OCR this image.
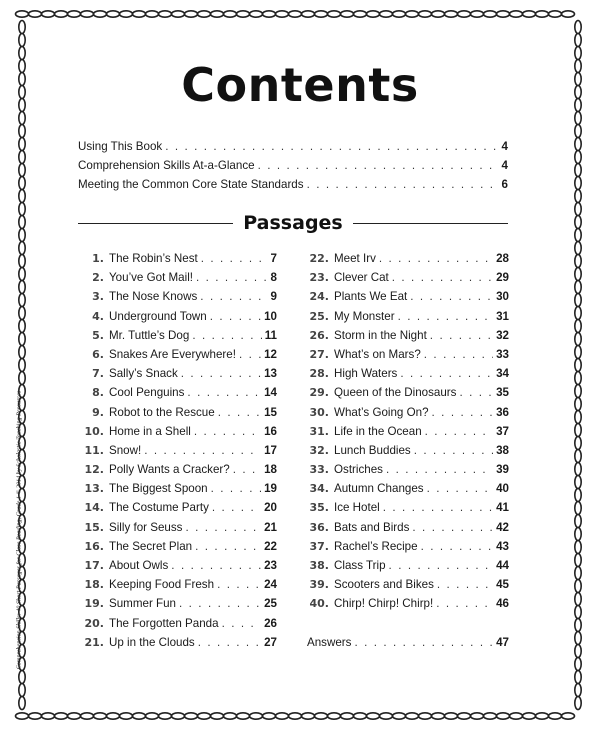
Contents
Using This Book . . .	4
Comprehension Skills At-a-Glance . . .	4
Meeting the Common Core State Standards . . .	6
Passages
1. The Robin’s Nest . . .	7
2. You’ve Got Mail! . . .	8
3. The Nose Knows . . .	9
4. Underground Town . . .	10
5. Mr. Tuttle’s Dog . . .	11
6. Snakes Are Everywhere! . . . 12
7. Sally’s Snack . . .	13
8. Cool Penguins . . .	14
9. Robot to the Rescue . . .	15
10. Home in a Shell . . .	16
11. Snow! . . .	17
12. Polly Wants a Cracker? . . .	18
13. The Biggest Spoon . . .	19
14. The Costume Party . . .	20
15. Silly for Seuss . . .	21
16. The Secret Plan . . .	22
17. About Owls . . .	23
18. Keeping Food Fresh . . .	24
19. Summer Fun . . .	25
20. The Forgotten Panda . . .	26
21. Up in the Clouds . . .	27
22. Meet Irv . . .	28
23. Clever Cat . . .	29
24. Plants We Eat . . .	30
25. My Monster . . .	31
26. Storm in the Night . . .	32
27. What’s on Mars? . . .	33
28. High Waters . . .	34
29. Queen of the Dinosaurs . . .	35
30. What’s Going On? . . .	36
31. Life in the Ocean . . .	37
32. Lunch Buddies . . .	38
33. Ostriches . . .	39
34. Autumn Changes . . .	40
35. Ice Hotel . . .	41
36. Bats and Birds . . .	42
37. Rachel’s Recipe . . .	43
38. Class Trip . . .	44
39. Scooters and Bikes . . .	45
40. Chirp! Chirp! Chirp! . . .	46
Answers . . .	47
Comprehension Skills: 40 Short Passages for Close Reading, Grade 1 © 2014 by Scholastic Teaching Resources
